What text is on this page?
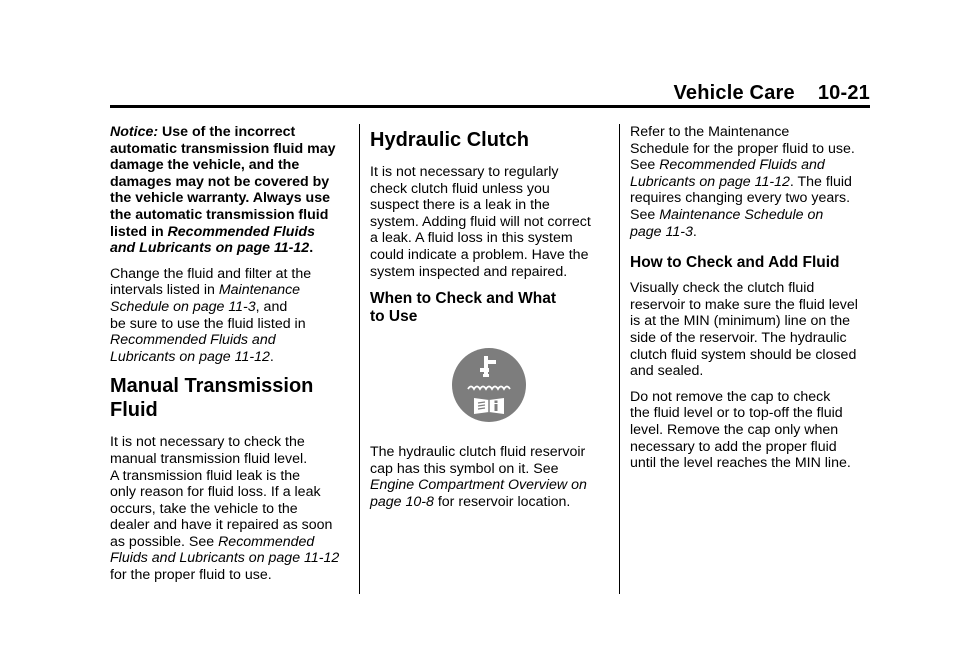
Vehicle Care    10-21

Notice: Use of the incorrect
automatic transmission fluid may
damage the vehicle, and the
damages may not be covered by
the vehicle warranty. Always use
the automatic transmission fluid
listed in Recommended Fluids
and Lubricants on page 11-12.

Change the fluid and filter at the
intervals listed in Maintenance
Schedule on page 11-3, and
be sure to use the fluid listed in
Recommended Fluids and
Lubricants on page 11-12.

Manual Transmission
Fluid

It is not necessary to check the
manual transmission fluid level.
A transmission fluid leak is the
only reason for fluid loss. If a leak
occurs, take the vehicle to the
dealer and have it repaired as soon
as possible. See Recommended
Fluids and Lubricants on page 11-12
for the proper fluid to use.

Hydraulic Clutch

It is not necessary to regularly
check clutch fluid unless you
suspect there is a leak in the
system. Adding fluid will not correct
a leak. A fluid loss in this system
could indicate a problem. Have the
system inspected and repaired.

When to Check and What
to Use

The hydraulic clutch fluid reservoir
cap has this symbol on it. See
Engine Compartment Overview on
page 10-8 for reservoir location.

Refer to the Maintenance
Schedule for the proper fluid to use.
See Recommended Fluids and
Lubricants on page 11-12. The fluid
requires changing every two years.
See Maintenance Schedule on
page 11-3.

How to Check and Add Fluid

Visually check the clutch fluid
reservoir to make sure the fluid level
is at the MIN (minimum) line on the
side of the reservoir. The hydraulic
clutch fluid system should be closed
and sealed.

Do not remove the cap to check
the fluid level or to top-off the fluid
level. Remove the cap only when
necessary to add the proper fluid
until the level reaches the MIN line.
